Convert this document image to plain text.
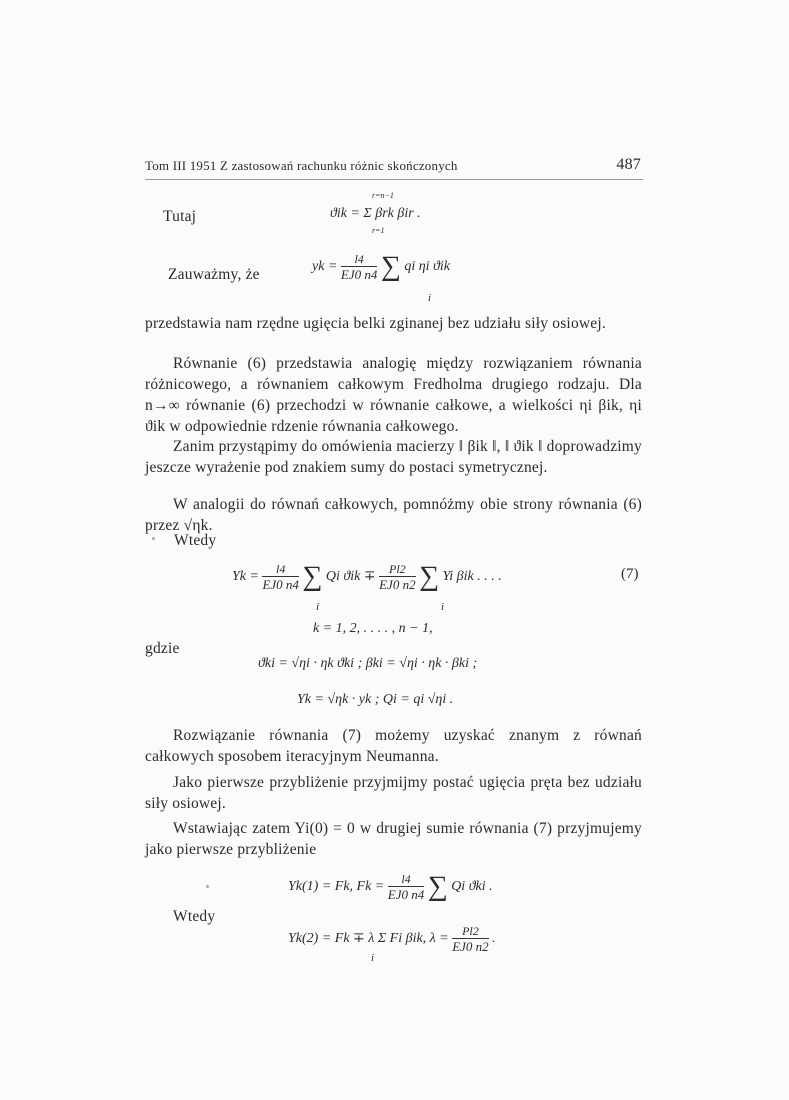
Tom III 1951 Z zastosowań rachunku różnic skończonych	487
Tutaj
r=n−1
ϑik = Σ βrk βir .
r=1
Zauważmy, że	yk = $\frac{l4}{EJ0 n4}$ ∑ qi ηi ϑik
i
przedstawia nam rzędne ugięcia belki zginanej bez udziału siły osiowej.
Równanie (6) przedstawia analogię między rozwiązaniem równania różnicowego, a równaniem całkowym Fredholma drugiego rodzaju. Dla n→∞ równanie (6) przechodzi w równanie całkowe, a wielkości ηi βik, ηi ϑik w odpowiednie rdzenie równania całkowego.
Zanim przystąpimy do omówienia macierzy ‖ βik ‖, ‖ ϑik ‖ doprowadzimy jeszcze wyrażenie pod znakiem sumy do postaci symetrycznej.
W analogii do równań całkowych, pomnóżmy obie strony równania (6) przez √ηk.
Wtedy
$Yk = \frac{l4}{EJ0 n4}$ ∑ Qi $ϑik \mp \frac{Pl2}{EJ0 n2}$ ∑ Yi βik . . . .
i	i
(7)
k = 1, 2, . . . . , n − 1,
gdzie
ϑki = √ηi · ηk ϑki ; βki = √ηi · ηk · βki ;
Yk = √ηk · yk ; Qi = qi √ηi .
Rozwiązanie równania (7) możemy uzyskać znanym z równań całkowych sposobem iteracyjnym Neumanna.
Jako pierwsze przybliżenie przyjmijmy postać ugięcia pręta bez udziału siły osiowej.
Wstawiając zatem Yi(0) = 0 w drugiej sumie równania (7) przyjmujemy jako pierwsze przybliżenie
Yk(1) = Fk, $Fk = \frac{l4}{EJ0 n4}$ ∑ Qi ϑki .
Wtedy
Yk(2) = Fk ∓ λ Σ Fi βik, $\lambda = \frac{Pl2}{EJ0 n2}$ .
i
